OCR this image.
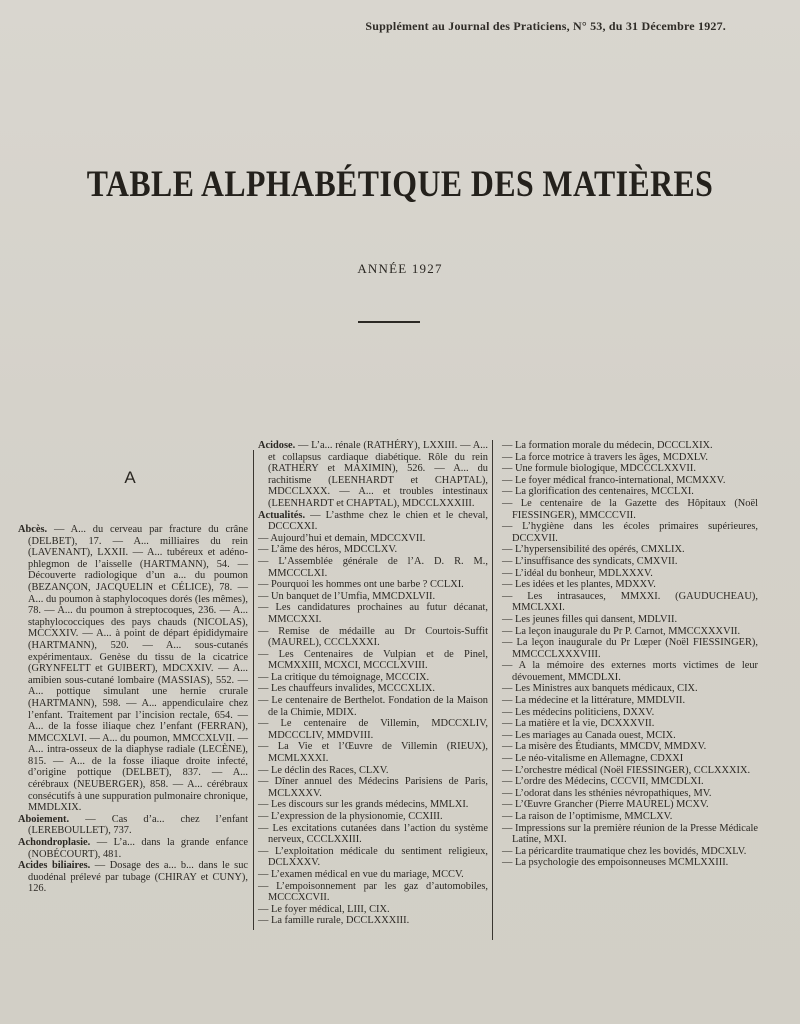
Supplément au Journal des Praticiens, N° 53, du 31 Décembre 1927.
TABLE ALPHABÉTIQUE DES MATIÈRES
ANNÉE 1927
A

Abcès. — A... du cerveau par fracture du crâne (DELBET), 17. — A... milliaires du rein (LAVENANT), LXXII. — A... tubéreux et adéno-phlegmon de l’aisselle (HARTMANN), 54. — Découverte radiologique d’un a... du poumon (BEZANÇON, JACQUELIN et CÉLICE), 78. — A... du poumon à staphylocoques dorés (les mêmes), 78. — A... du poumon à streptocoques, 236. — A... staphylococciques des pays chauds (NICOLAS), MCCXXIV. — A... à point de départ épididymaire (HARTMANN), 520. — A... sous-cutanés expérimentaux. Genèse du tissu de la cicatrice (GRYNFELTT et GUIBERT), MDCXXIV. — A... amibien sous-cutané lombaire (MASSIAS), 552. — A... pottique simulant une hernie crurale (HARTMANN), 598. — A... appendiculaire chez l’enfant. Traitement par l’incision rectale, 654. — A... de la fosse iliaque chez l’enfant (FERRAN), MMCCXLVI. — A... du poumon, MMCCXLVII. — A... intra-osseux de la diaphyse radiale (LECÈNE), 815. — A... de la fosse iliaque droite infecté, d’origine pottique (DELBET), 837. — A... cérébraux (NEUBERGER), 858. — A... cérébraux consécutifs à une suppuration pulmonaire chronique, MMDLXIX.

Aboiement. — Cas d’a... chez l’enfant (LEREBOULLET), 737.

Achondroplasie. — L’a... dans la grande enfance (NOBÉCOURT), 481.

Acides biliaires. — Dosage des a... b... dans le suc duodénal prélevé par tubage (CHIRAY et CUNY), 126.

Acidose. — L’a... rénale (RATHÉRY), LXXIII. — A... et collapsus cardiaque diabétique. Rôle du rein (RATHERY et MAXIMIN), 526. — A... du rachitisme (LEENHARDT et CHAPTAL), MDCCLXXX. — A... et troubles intestinaux (LEENHARDT et CHAPTAL), MDCCLXXXIII.

Actualités. — L’asthme chez le chien et le cheval, DCCCXXI.

— Aujourd’hui et demain, MDCCXVII.

— L’âme des héros, MDCCLXV.

— L’Assemblée générale de l’A. D. R. M., MMCCCLXI.

— Pourquoi les hommes ont une barbe ? CCLXI.

— Un banquet de l’Umfia, MMCDXLVII.

— Les candidatures prochaines au futur décanat, MMCCXXI.

— Remise de médaille au Dr Courtois-Suffit (MAUREL), CCCLXXXI.

— Les Centenaires de Vulpian et de Pinel, MCMXXIII, MCXCI, MCCCLXVIII.

— La critique du témoignage, MCCCIX.

— Les chauffeurs invalides, MCCCXLIX.

— Le centenaire de Berthelot. Fondation de la Maison de la Chimie, MDIX.

— Le centenaire de Villemin, MDCCXLIV, MDCCCLIV, MMDVIII.

— La Vie et l’Œuvre de Villemin (RIEUX), MCMLXXXI.

— Le déclin des Races, CLXV.

— Dîner annuel des Médecins Parisiens de Paris, MCLXXXV.

— Les discours sur les grands médecins, MMLXI.

— L’expression de la physionomie, CCXIII.

— Les excitations cutanées dans l’action du système nerveux, CCCLXXIII.

— L’exploitation médicale du sentiment religieux, DCLXXXV.

— L’examen médical en vue du mariage, MCCV.

— L’empoisonnement par les gaz d’automobiles, MCCCXCVII.

— Le foyer médical, LIII, CIX.

— La famille rurale, DCCLXXXIII.

— La formation morale du médecin, DCCCLXIX.

— La force motrice à travers les âges, MCDXLV.

— Une formule biologique, MDCCCLXXVII.

— Le foyer médical franco-international, MCMXXV.

— La glorification des centenaires, MCCLXI.

— Le centenaire de la Gazette des Hôpitaux (Noël FIESSINGER), MMCCCVII.

— L’hygiène dans les écoles primaires supérieures, DCCXVII.

— L’hypersensibilité des opérés, CMXLIX.

— L’insuffisance des syndicats, CMXVII.

— L’idéal du bonheur, MDLXXXV.

— Les idées et les plantes, MDXXV.

— Les intrasauces, MMXXI. (GAUDUCHEAU), MMCLXXI.

— Les jeunes filles qui dansent, MDLVII.

— La leçon inaugurale du Pr P. Carnot, MMCCXXXVII.

— La leçon inaugurale du Pr Lœper (Noël FIESSINGER), MMCCCLXXXVIII.

— A la mémoire des externes morts victimes de leur dévouement, MMCDLXI.

— Les Ministres aux banquets médicaux, CIX.

— La médecine et la littérature, MMDLVII.

— Les médecins politiciens, DXXV.

— La matière et la vie, DCXXXVII.

— Les mariages au Canada ouest, MCIX.

— La misère des Étudiants, MMCDV, MMDXV.

— Le néo-vitalisme en Allemagne, CDXXI

— L’orchestre médical (Noël FIESSINGER), CCLXXXIX.

— L’ordre des Médecins, CCCVII, MMCDLXI.

— L’odorat dans les sthénies névropathiques, MV.

— L’Œuvre Grancher (Pierre MAUREL) MCXV.

— La raison de l’optimisme, MMCLXV.

— Impressions sur la première réunion de la Presse Médicale Latine, MXI.

— La péricardite traumatique chez les bovidés, MDCXLV.

— La psychologie des empoisonneuses MCMLXXIII.
